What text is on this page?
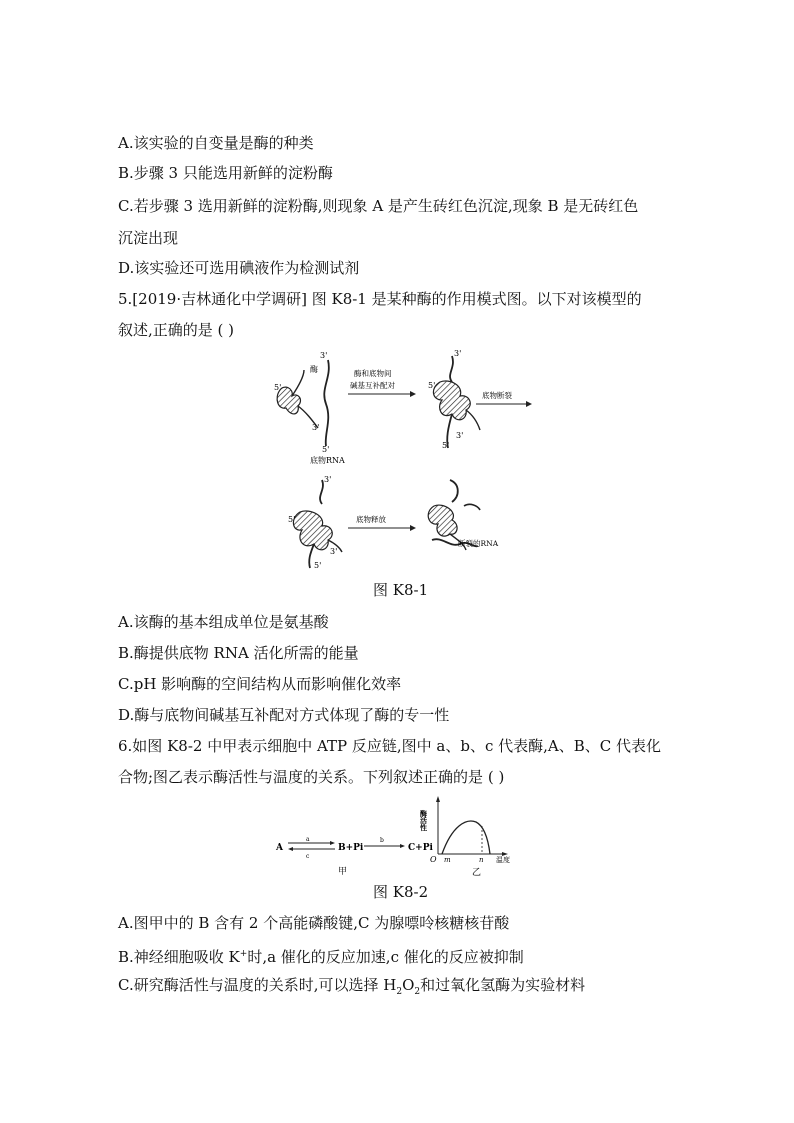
A.该实验的自变量是酶的种类
B.步骤 3 只能选用新鲜的淀粉酶
C.若步骤 3 选用新鲜的淀粉酶,则现象 A 是产生砖红色沉淀,现象 B 是无砖红色
沉淀出现
D.该实验还可选用碘液作为检测试剂
5.[2019·吉林通化中学调研] 图 K8-1 是某种酶的作用模式图。以下对该模型的
叙述,正确的是 ( )
5'
酶
3'
3'
5'
底物RNA
酶和底物间
碱基互补配对
3'
5'
3'
5'
底物断裂
3'
5'
3'
5'
底物释放
断裂的RNA
图 K8-1
A.该酶的基本组成单位是氨基酸
B.酶提供底物 RNA 活化所需的能量
C.pH 影响酶的空间结构从而影响催化效率
D.酶与底物间碱基互补配对方式体现了酶的专一性
6.如图 K8-2 中甲表示细胞中 ATP 反应链,图中 a、b、c 代表酶,A、B、C 代表化
合物;图乙表示酶活性与温度的关系。下列叙述正确的是 ( )
A
a
c
B+Pi
b
C+Pi
甲
酶活性
O m	n 温度
乙
图 K8-2
A.图甲中的 B 含有 2 个高能磷酸键,C 为腺嘌呤核糖核苷酸
B.神经细胞吸收 K+时,a 催化的反应加速,c 催化的反应被抑制
C.研究酶活性与温度的关系时,可以选择 $H_2O_2$和过氧化氢酶为实验材料
